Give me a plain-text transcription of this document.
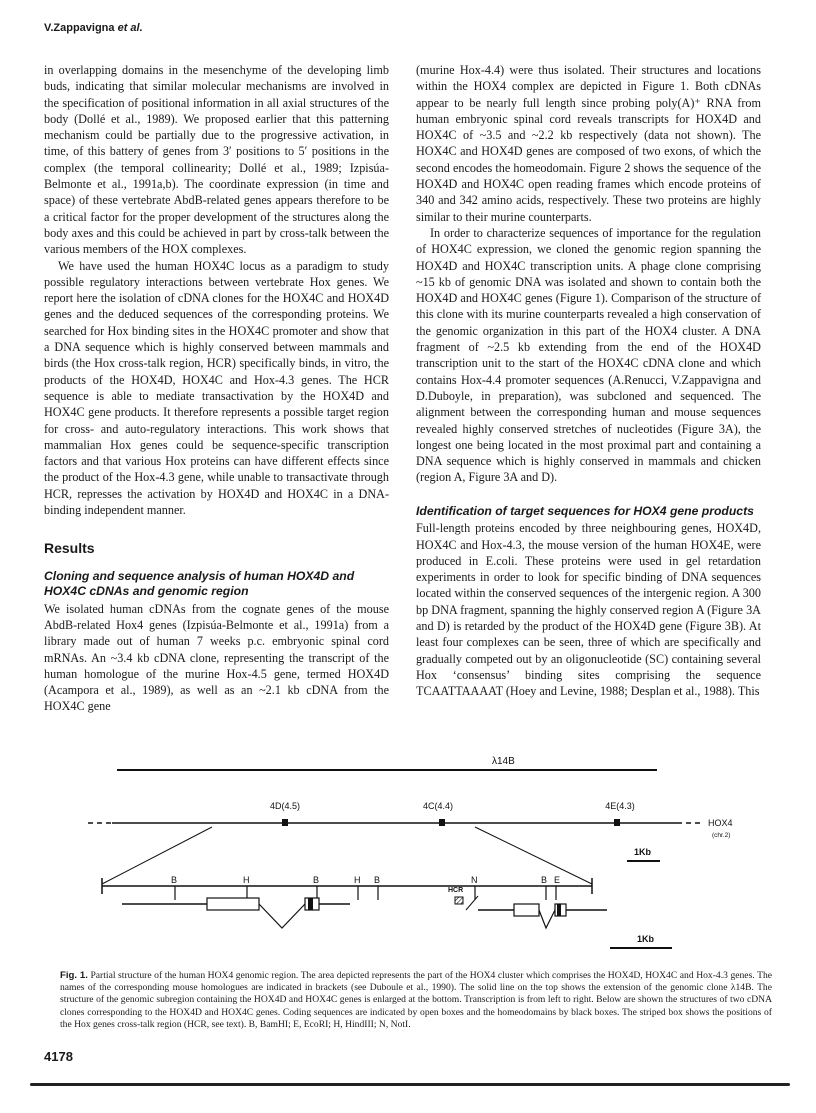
V.Zappavigna et al.

in overlapping domains in the mesenchyme of the developing limb buds, indicating that similar molecular mechanisms are involved in the specification of positional information in all axial structures of the body (Dollé et al., 1989). We proposed earlier that this patterning mechanism could be partially due to the progressive activation, in time, of this battery of genes from 3′ positions to 5′ positions in the complex (the temporal collinearity; Dollé et al., 1989; Izpisúa-Belmonte et al., 1991a,b). The coordinate expression (in time and space) of these vertebrate AbdB-related genes appears therefore to be a critical factor for the proper development of the structures along the body axes and this could be achieved in part by cross-talk between the various members of the HOX complexes.

We have used the human HOX4C locus as a paradigm to study possible regulatory interactions between vertebrate Hox genes. We report here the isolation of cDNA clones for the HOX4C and HOX4D genes and the deduced sequences of the corresponding proteins. We searched for Hox binding sites in the HOX4C promoter and show that a DNA sequence which is highly conserved between mammals and birds (the Hox cross-talk region, HCR) specifically binds, in vitro, the products of the HOX4D, HOX4C and Hox-4.3 genes. The HCR sequence is able to mediate transactivation by the HOX4D and HOX4C gene products. It therefore represents a possible target region for cross- and auto-regulatory interactions. This work shows that mammalian Hox genes could be sequence-specific transcription factors and that various Hox proteins can have different effects since the product of the Hox-4.3 gene, while unable to transactivate through HCR, represses the activation by HOX4D and HOX4C in a DNA-binding independent manner.

Results
Cloning and sequence analysis of human HOX4D and HOX4C cDNAs and genomic region

We isolated human cDNAs from the cognate genes of the mouse AbdB-related Hox4 genes (Izpisúa-Belmonte et al., 1991a) from a library made out of human 7 weeks p.c. embryonic spinal cord mRNAs. An ~3.4 kb cDNA clone, representing the transcript of the human homologue of the murine Hox-4.5 gene, termed HOX4D (Acampora et al., 1989), as well as an ~2.1 kb cDNA from the HOX4C gene

(murine Hox-4.4) were thus isolated. Their structures and locations within the HOX4 complex are depicted in Figure 1. Both cDNAs appear to be nearly full length since probing poly(A)⁺ RNA from human embryonic spinal cord reveals transcripts for HOX4D and HOX4C of ~3.5 and ~2.2 kb respectively (data not shown). The HOX4C and HOX4D genes are composed of two exons, of which the second encodes the homeodomain. Figure 2 shows the sequence of the HOX4D and HOX4C open reading frames which encode proteins of 340 and 342 amino acids, respectively. These two proteins are highly similar to their murine counterparts.

In order to characterize sequences of importance for the regulation of HOX4C expression, we cloned the genomic region spanning the HOX4D and HOX4C transcription units. A phage clone comprising ~15 kb of genomic DNA was isolated and shown to contain both the HOX4D and HOX4C genes (Figure 1). Comparison of the structure of this clone with its murine counterparts revealed a high conservation of the genomic organization in this part of the HOX4 cluster. A DNA fragment of ~2.5 kb extending from the end of the HOX4D transcription unit to the start of the HOX4C cDNA clone and which contains Hox-4.4 promoter sequences (A.Renucci, V.Zappavigna and D.Duboyle, in preparation), was subcloned and sequenced. The alignment between the corresponding human and mouse sequences revealed highly conserved stretches of nucleotides (Figure 3A), the longest one being located in the most proximal part and containing a DNA sequence which is highly conserved in mammals and chicken (region A, Figure 3A and D).

Identification of target sequences for HOX4 gene products

Full-length proteins encoded by three neighbouring genes, HOX4D, HOX4C and Hox-4.3, the mouse version of the human HOX4E, were produced in E.coli. These proteins were used in gel retardation experiments in order to look for specific binding of DNA sequences located within the conserved sequences of the intergenic region. A 300 bp DNA fragment, spanning the highly conserved region A (Figure 3A and D) is retarded by the product of the HOX4D gene (Figure 3B). At least four complexes can be seen, three of which are specifically and gradually competed out by an oligonucleotide (SC) containing several Hox ‘consensus’ binding sites comprising the sequence TCAATTAAAAT (Hoey and Levine, 1988; Desplan et al., 1988). This

λ14B
4D(4.5)	4C(4.4)	4E(4.3)
HOX4
(chr.2)
1Kb
B	H	B	H B	N	B E
HCR
1Kb
Fig. 1. Partial structure of the human HOX4 genomic region. The area depicted represents the part of the HOX4 cluster which comprises the HOX4D, HOX4C and Hox-4.3 genes. The names of the corresponding mouse homologues are indicated in brackets (see Duboule et al., 1990). The solid line on the top shows the extension of the genomic clone λ14B. The structure of the genomic subregion containing the HOX4D and HOX4C genes is enlarged at the bottom. Transcription is from left to right. Below are shown the structures of two cDNA clones corresponding to the HOX4D and HOX4C genes. Coding sequences are indicated by open boxes and the homeodomains by black boxes. The striped box shows the positions of the Hox genes cross-talk region (HCR, see text). B, BamHI; E, EcoRI; H, HindIII; N, NotI.
4178
